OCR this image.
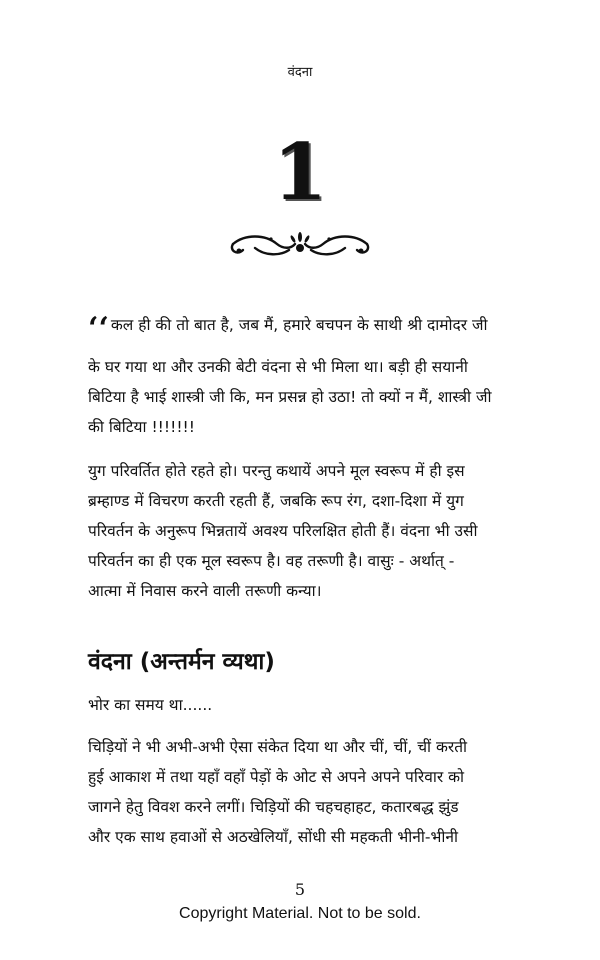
वंदना
1
‘‘ कल ही की तो बात है, जब मैं, हमारे बचपन के साथी श्री दामोदर जी
के घर गया था और उनकी बेटी वंदना से भी मिला था। बड़ी ही सयानी
बिटिया है भाई शास्त्री जी कि, मन प्रसन्न हो उठा! तो क्यों न मैं, शास्त्री जी
की बिटिया !!!!!!!
युग परिवर्तित होते रहते हो। परन्तु कथायें अपने मूल स्वरूप में ही इस
ब्रम्हाण्ड में विचरण करती रहती हैं, जबकि रूप रंग, दशा-दिशा में युग
परिवर्तन के अनुरूप भिन्नतायें अवश्य परिलक्षित होती हैं। वंदना भी उसी
परिवर्तन का ही एक मूल स्वरूप है। वह तरूणी है। वासुः - अर्थात् -
आत्मा में निवास करने वाली तरूणी कन्या।
वंदना (अन्तर्मन व्यथा)
भोर का समय था......
चिड़ियों ने भी अभी-अभी ऐसा संकेत दिया था और चीं, चीं, चीं करती
हुई आकाश में तथा यहाँ वहाँ पेड़ों के ओट से अपने अपने परिवार को
जागने हेतु विवश करने लगीं। चिड़ियों की चहचहाहट, कतारबद्ध झुंड
और एक साथ हवाओं से अठखेलियाँ, सोंधी सी महकती भीनी-भीनी
5
Copyright Material. Not to be sold.
